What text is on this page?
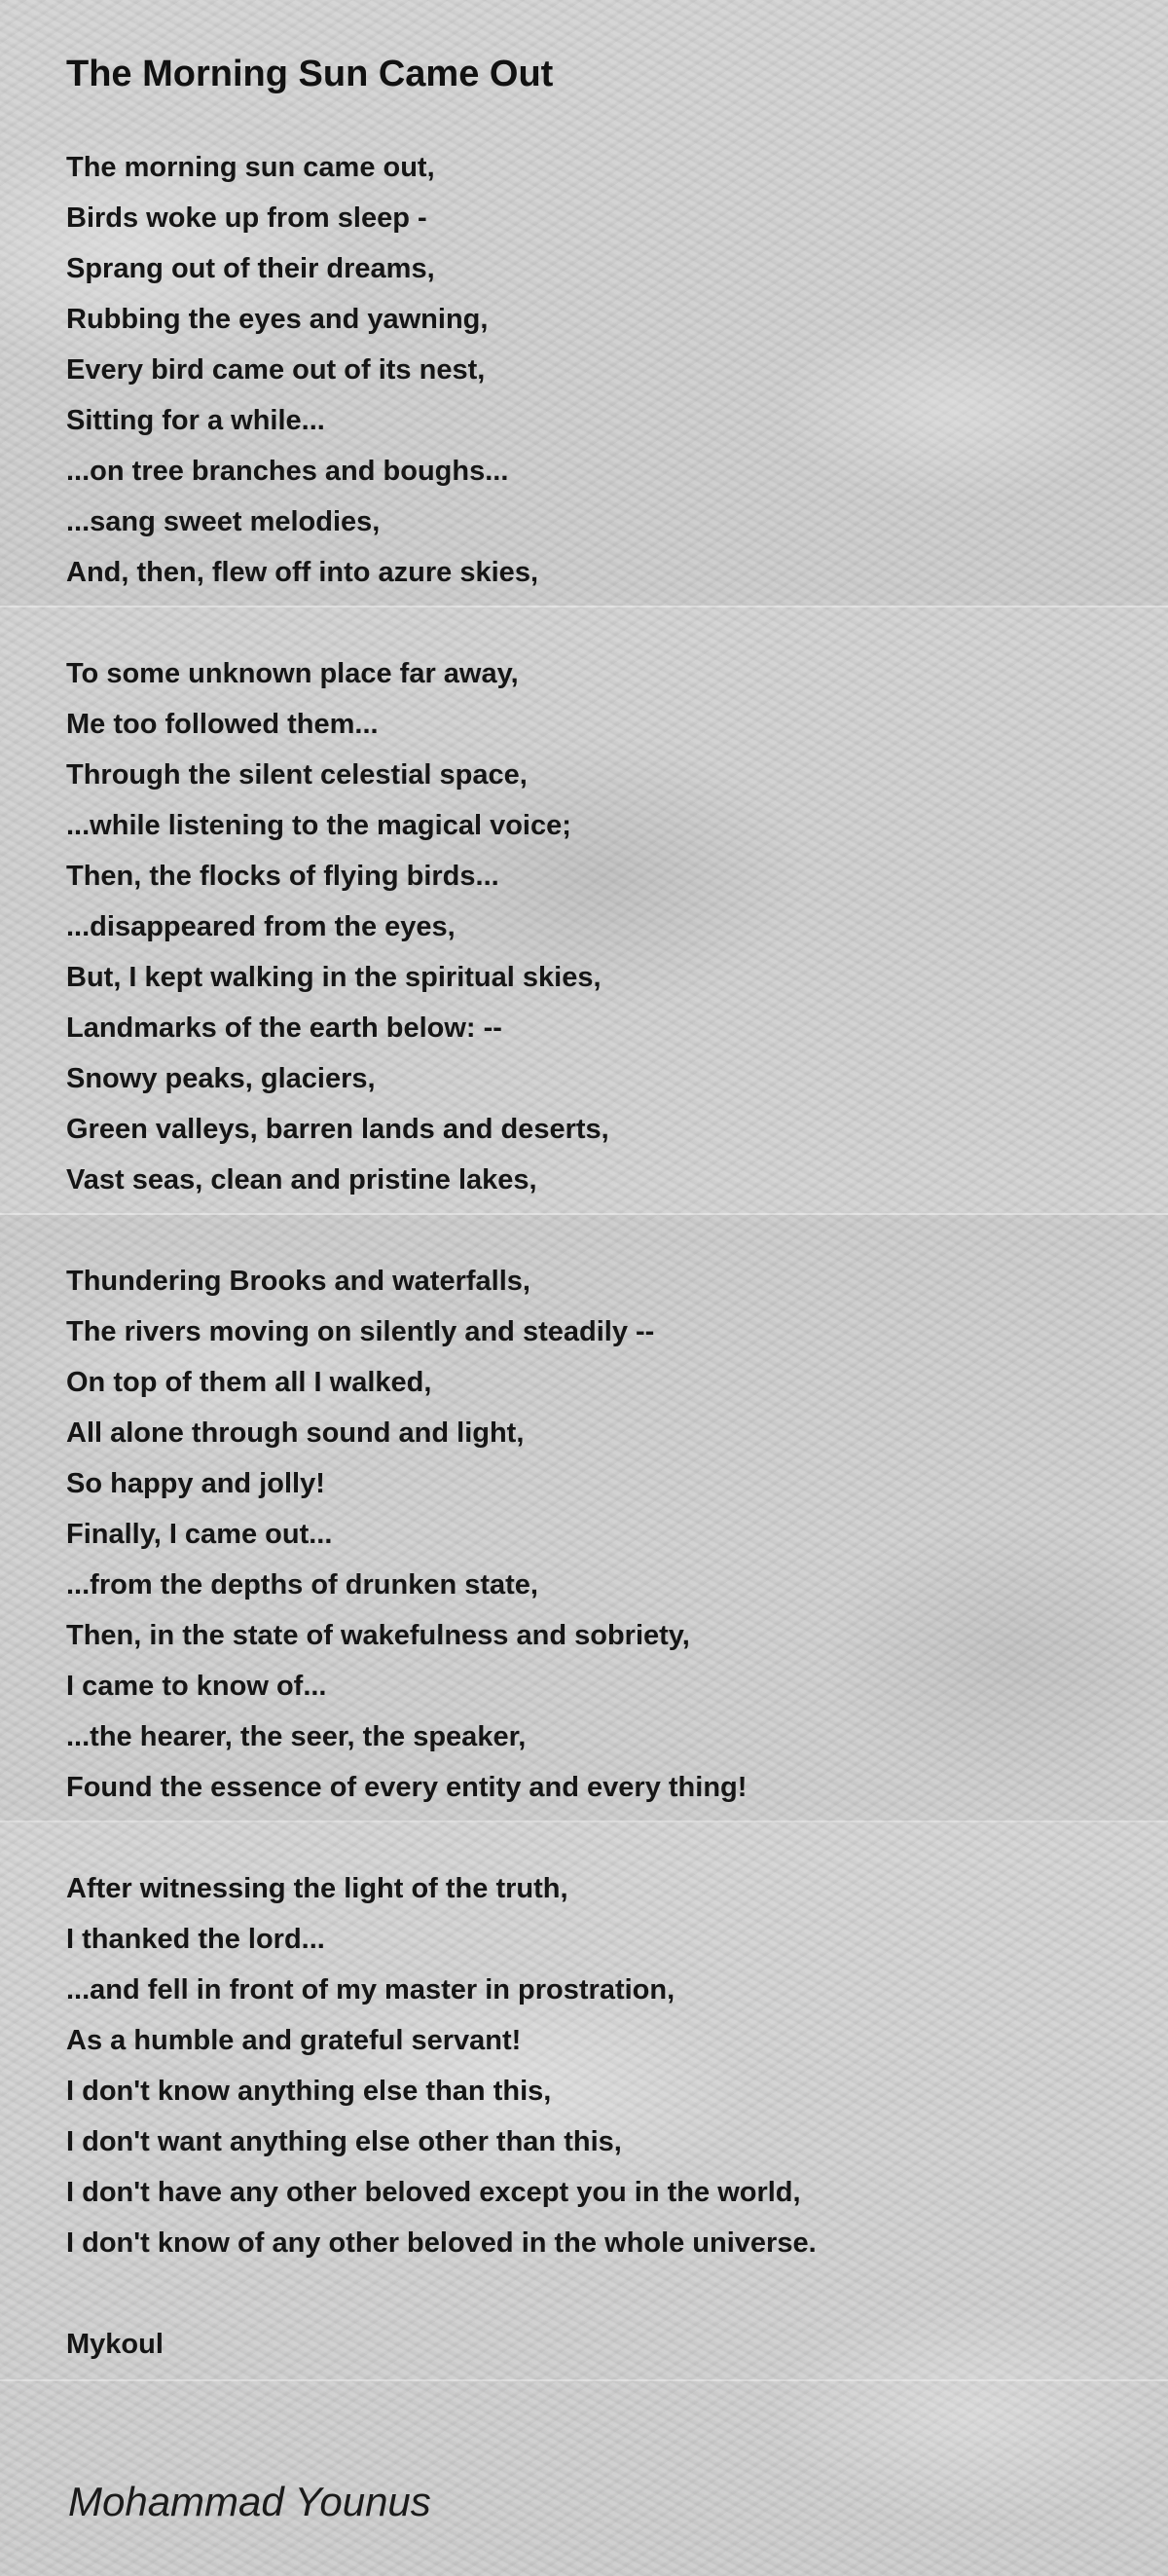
The Morning Sun Came Out
The morning sun came out,
Birds woke up from sleep -
Sprang out of their dreams,
Rubbing the eyes and yawning,
Every bird came out of its nest,
Sitting for a while...
...on tree branches and boughs...
...sang sweet melodies,
And, then, flew off into azure skies,
To some unknown place far away,
Me too followed them...
Through the silent celestial space,
...while listening to the magical voice;
Then, the flocks of flying birds...
...disappeared from the eyes,
But, I kept walking in the spiritual skies,
Landmarks of the earth below: --
Snowy peaks, glaciers,
Green valleys, barren lands and deserts,
Vast seas, clean and pristine lakes,
Thundering Brooks and waterfalls,
The rivers moving on silently and steadily --
On top of them all I walked,
All alone through sound and light,
So happy and jolly!
Finally, I came out...
...from the depths of drunken state,
Then, in the state of wakefulness and sobriety,
I came to know of...
...the hearer, the seer, the speaker,
Found the essence of every entity and every thing!
After witnessing the light of the truth,
I thanked the lord...
...and fell in front of my master in prostration,
As a humble and grateful servant!
I don't know anything else than this,
I don't want anything else other than this,
I don't have any other beloved except you in the world,
I don't know of any other beloved in the whole universe.
Mykoul
Mohammad Younus
